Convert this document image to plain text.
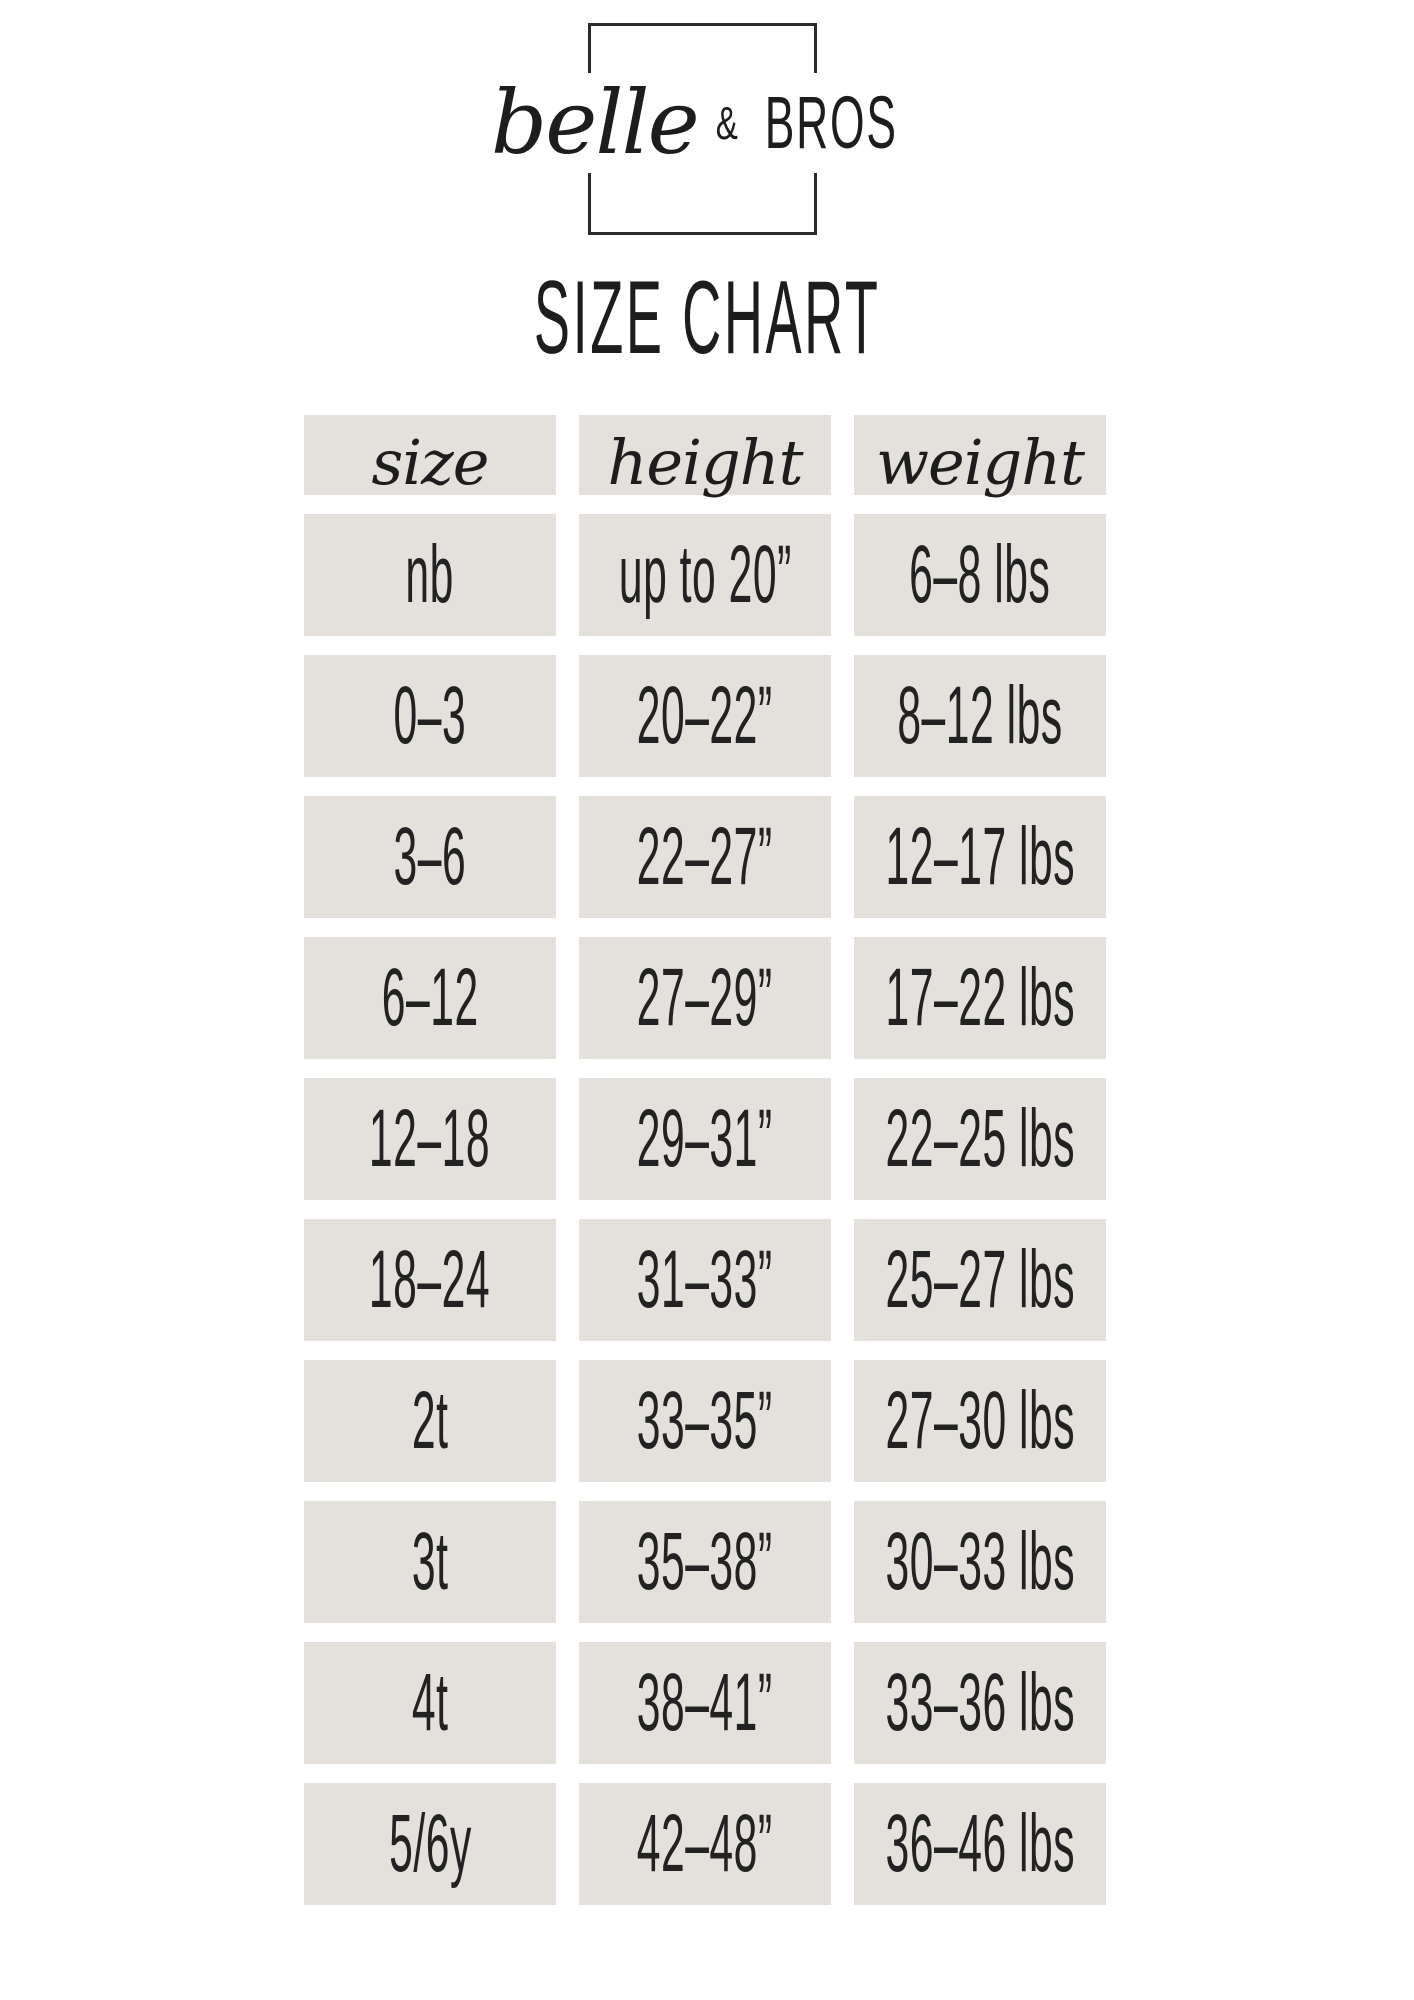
belle & BROS
SIZE CHART
size height weight
nb up to 20” 6–8 lbs
0–3 20–22” 8–12 lbs
3–6 22–27” 12–17 lbs
6–12 27–29” 17–22 lbs
12–18 29–31” 22–25 lbs
18–24 31–33” 25–27 lbs
2t 33–35” 27–30 lbs
3t 35–38” 30–33 lbs
4t 38–41” 33–36 lbs
5/6y 42–48” 36–46 lbs
